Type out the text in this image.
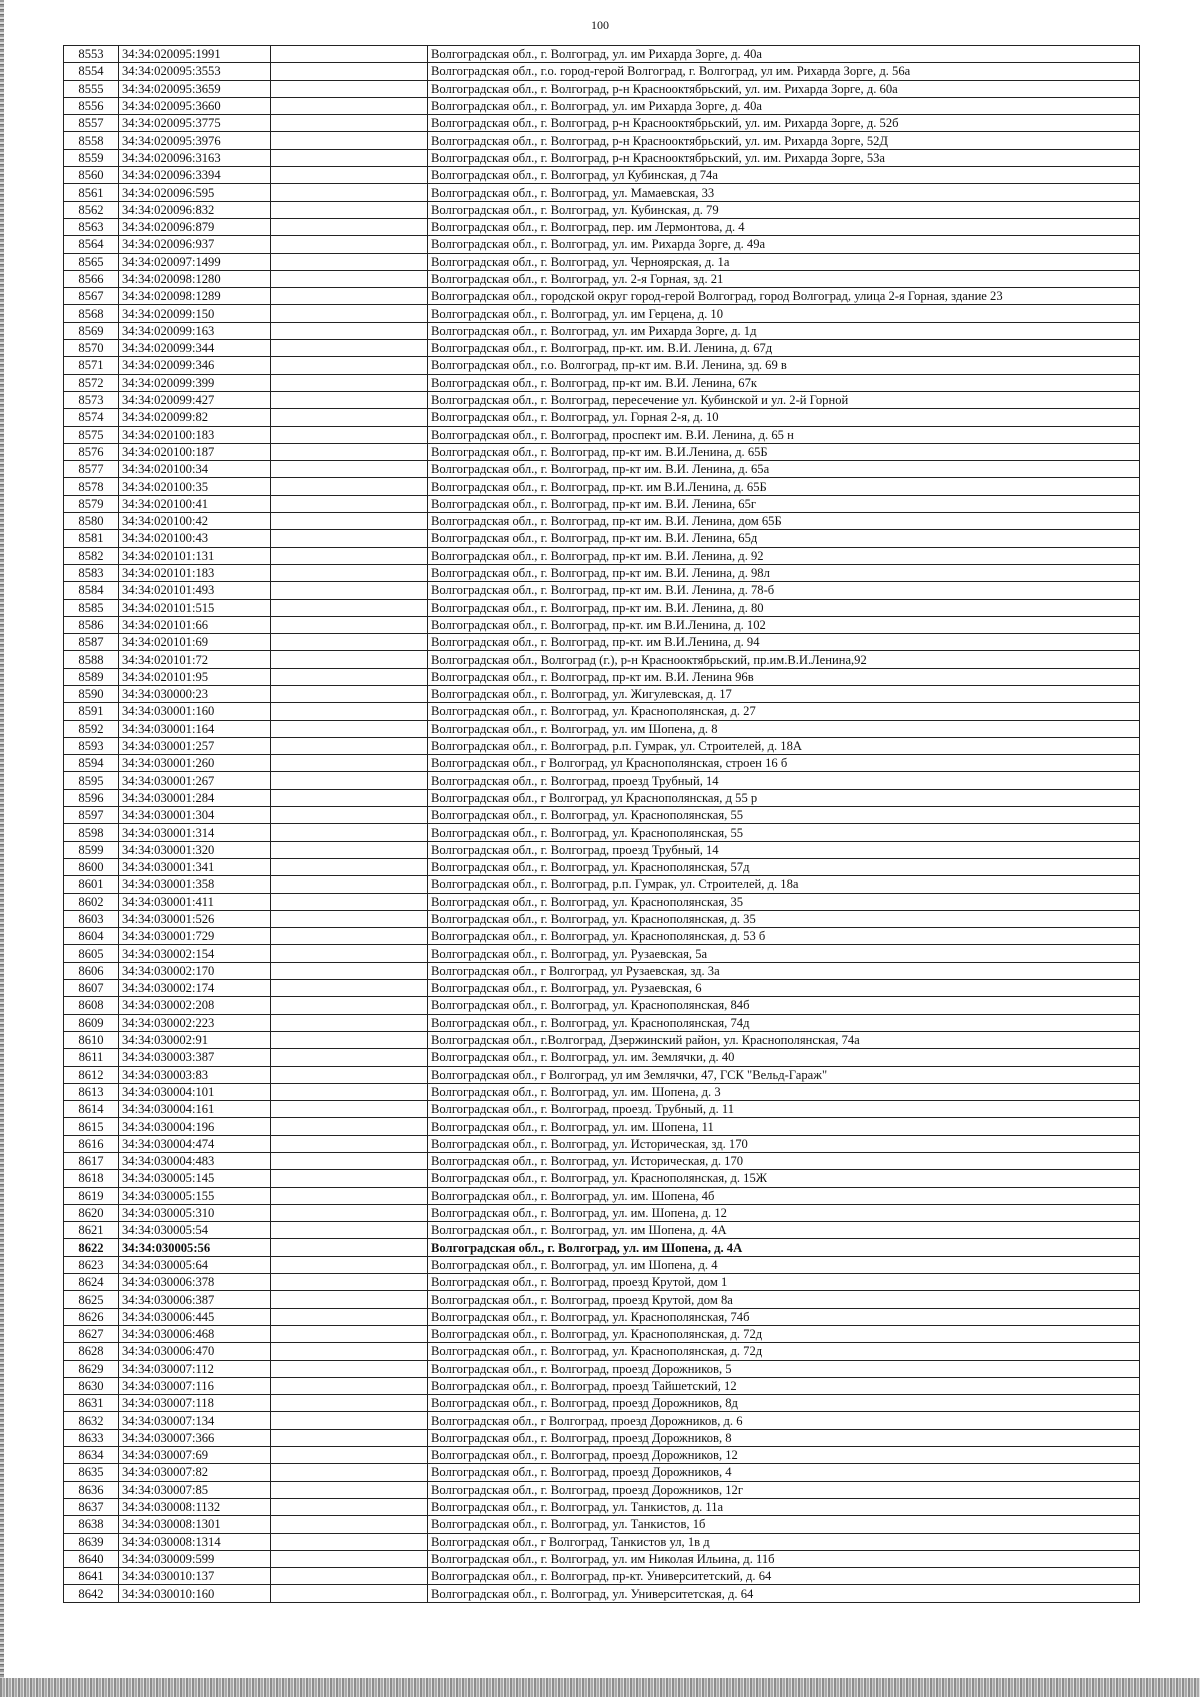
100
8553	34:34:020095:1991		Волгоградская обл., г. Волгоград, ул. им Рихарда Зорге, д. 40а
8554	34:34:020095:3553		Волгоградская обл., г.о. город-герой Волгоград, г. Волгоград, ул им. Рихарда Зорге, д. 56а
8555	34:34:020095:3659		Волгоградская обл., г. Волгоград, р-н Краснооктябрьский, ул. им. Рихарда Зорге, д. 60а
8556	34:34:020095:3660		Волгоградская обл., г. Волгоград, ул. им Рихарда Зорге, д. 40а
8557	34:34:020095:3775		Волгоградская обл., г. Волгоград, р-н Краснооктябрьский, ул. им. Рихарда Зорге, д. 52б
8558	34:34:020095:3976		Волгоградская обл., г. Волгоград, р-н Краснооктябрьский, ул. им. Рихарда Зорге, 52Д
8559	34:34:020096:3163		Волгоградская обл., г. Волгоград, р-н Краснооктябрьский, ул. им. Рихарда Зорге, 53а
8560	34:34:020096:3394		Волгоградская обл., г. Волгоград, ул Кубинская, д 74а
8561	34:34:020096:595		Волгоградская обл., г. Волгоград, ул. Мамаевская, 33
8562	34:34:020096:832		Волгоградская обл., г. Волгоград, ул. Кубинская, д. 79
8563	34:34:020096:879		Волгоградская обл., г. Волгоград, пер. им Лермонтова, д. 4
8564	34:34:020096:937		Волгоградская обл., г. Волгоград, ул. им. Рихарда Зорге, д. 49а
8565	34:34:020097:1499		Волгоградская обл., г. Волгоград, ул. Черноярская, д. 1а
8566	34:34:020098:1280		Волгоградская обл., г. Волгоград, ул. 2-я Горная, зд. 21
8567	34:34:020098:1289		Волгоградская обл., городской округ город-герой Волгоград, город Волгоград, улица 2-я Горная, здание 23
8568	34:34:020099:150		Волгоградская обл., г. Волгоград, ул. им Герцена, д. 10
8569	34:34:020099:163		Волгоградская обл., г. Волгоград, ул. им Рихарда Зорге, д. 1д
8570	34:34:020099:344		Волгоградская обл., г. Волгоград, пр-кт. им. В.И. Ленина, д. 67д
8571	34:34:020099:346		Волгоградская обл., г.о. Волгоград, пр-кт им. В.И. Ленина, зд. 69 в
8572	34:34:020099:399		Волгоградская обл., г. Волгоград, пр-кт им. В.И. Ленина, 67к
8573	34:34:020099:427		Волгоградская обл., г. Волгоград, пересечение ул. Кубинской и ул. 2-й Горной
8574	34:34:020099:82		Волгоградская обл., г. Волгоград, ул. Горная 2-я, д. 10
8575	34:34:020100:183		Волгоградская обл., г. Волгоград, проспект им. В.И. Ленина, д. 65 н
8576	34:34:020100:187		Волгоградская обл., г. Волгоград, пр-кт им. В.И.Ленина, д. 65Б
8577	34:34:020100:34		Волгоградская обл., г. Волгоград, пр-кт им. В.И. Ленина, д. 65а
8578	34:34:020100:35		Волгоградская обл., г. Волгоград, пр-кт. им В.И.Ленина, д. 65Б
8579	34:34:020100:41		Волгоградская обл., г. Волгоград, пр-кт им. В.И. Ленина, 65г
8580	34:34:020100:42		Волгоградская обл., г. Волгоград, пр-кт им. В.И. Ленина, дом 65Б
8581	34:34:020100:43		Волгоградская обл., г. Волгоград, пр-кт им. В.И. Ленина, 65д
8582	34:34:020101:131		Волгоградская обл., г. Волгоград, пр-кт им. В.И. Ленина, д. 92
8583	34:34:020101:183		Волгоградская обл., г. Волгоград, пр-кт им. В.И. Ленина, д. 98л
8584	34:34:020101:493		Волгоградская обл., г. Волгоград, пр-кт им. В.И. Ленина, д. 78-б
8585	34:34:020101:515		Волгоградская обл., г. Волгоград, пр-кт им. В.И. Ленина, д. 80
8586	34:34:020101:66		Волгоградская обл., г. Волгоград, пр-кт. им В.И.Ленина, д. 102
8587	34:34:020101:69		Волгоградская обл., г. Волгоград, пр-кт. им В.И.Ленина, д. 94
8588	34:34:020101:72		Волгоградская обл., Волгоград (г.), р-н Краснооктябрьский, пр.им.В.И.Ленина,92
8589	34:34:020101:95		Волгоградская обл., г. Волгоград, пр-кт им. В.И. Ленина 96в
8590	34:34:030000:23		Волгоградская обл., г. Волгоград, ул. Жигулевская, д. 17
8591	34:34:030001:160		Волгоградская обл., г. Волгоград, ул. Краснополянская, д. 27
8592	34:34:030001:164		Волгоградская обл., г. Волгоград, ул. им Шопена, д. 8
8593	34:34:030001:257		Волгоградская обл., г. Волгоград, р.п. Гумрак, ул. Строителей, д. 18А
8594	34:34:030001:260		Волгоградская обл., г Волгоград, ул Краснополянская, строен 16 б
8595	34:34:030001:267		Волгоградская обл., г. Волгоград, проезд Трубный, 14
8596	34:34:030001:284		Волгоградская обл., г Волгоград, ул Краснополянская, д 55 р
8597	34:34:030001:304		Волгоградская обл., г. Волгоград, ул. Краснополянская, 55
8598	34:34:030001:314		Волгоградская обл., г. Волгоград, ул. Краснополянская, 55
8599	34:34:030001:320		Волгоградская обл., г. Волгоград, проезд Трубный, 14
8600	34:34:030001:341		Волгоградская обл., г. Волгоград, ул. Краснополянская, 57д
8601	34:34:030001:358		Волгоградская обл., г. Волгоград, р.п. Гумрак, ул. Строителей, д. 18а
8602	34:34:030001:411		Волгоградская обл., г. Волгоград, ул. Краснополянская, 35
8603	34:34:030001:526		Волгоградская обл., г. Волгоград, ул. Краснополянская, д. 35
8604	34:34:030001:729		Волгоградская обл., г. Волгоград, ул. Краснополянская, д. 53 б
8605	34:34:030002:154		Волгоградская обл., г. Волгоград, ул. Рузаевская, 5а
8606	34:34:030002:170		Волгоградская обл., г Волгоград, ул Рузаевская, зд. 3а
8607	34:34:030002:174		Волгоградская обл., г. Волгоград, ул. Рузаевская, 6
8608	34:34:030002:208		Волгоградская обл., г. Волгоград, ул. Краснополянская, 84б
8609	34:34:030002:223		Волгоградская обл., г. Волгоград, ул. Краснополянская, 74д
8610	34:34:030002:91		Волгоградская обл., г.Волгоград, Дзержинский район, ул. Краснополянская, 74а
8611	34:34:030003:387		Волгоградская обл., г. Волгоград, ул. им. Землячки, д. 40
8612	34:34:030003:83		Волгоградская обл., г Волгоград, ул им Землячки, 47, ГСК "Вельд-Гараж"
8613	34:34:030004:101		Волгоградская обл., г. Волгоград, ул. им. Шопена, д. 3
8614	34:34:030004:161		Волгоградская обл., г. Волгоград, проезд. Трубный, д. 11
8615	34:34:030004:196		Волгоградская обл., г. Волгоград, ул. им. Шопена, 11
8616	34:34:030004:474		Волгоградская обл., г. Волгоград, ул. Историческая, зд. 170
8617	34:34:030004:483		Волгоградская обл., г. Волгоград, ул. Историческая, д. 170
8618	34:34:030005:145		Волгоградская обл., г. Волгоград, ул. Краснополянская, д. 15Ж
8619	34:34:030005:155		Волгоградская обл., г. Волгоград, ул. им. Шопена, 4б
8620	34:34:030005:310		Волгоградская обл., г. Волгоград, ул. им. Шопена, д. 12
8621	34:34:030005:54		Волгоградская обл., г. Волгоград, ул. им Шопена, д. 4А
8622	34:34:030005:56		Волгоградская обл., г. Волгоград, ул. им Шопена, д. 4А
8623	34:34:030005:64		Волгоградская обл., г. Волгоград, ул. им Шопена, д. 4
8624	34:34:030006:378		Волгоградская обл., г. Волгоград, проезд Крутой, дом 1
8625	34:34:030006:387		Волгоградская обл., г. Волгоград, проезд Крутой, дом 8а
8626	34:34:030006:445		Волгоградская обл., г. Волгоград, ул. Краснополянская, 74б
8627	34:34:030006:468		Волгоградская обл., г. Волгоград, ул. Краснополянская, д. 72д
8628	34:34:030006:470		Волгоградская обл., г. Волгоград, ул. Краснополянская, д. 72д
8629	34:34:030007:112		Волгоградская обл., г. Волгоград, проезд Дорожников, 5
8630	34:34:030007:116		Волгоградская обл., г. Волгоград, проезд Тайшетский, 12
8631	34:34:030007:118		Волгоградская обл., г. Волгоград, проезд Дорожников, 8д
8632	34:34:030007:134		Волгоградская обл., г Волгоград, проезд Дорожников, д. 6
8633	34:34:030007:366		Волгоградская обл., г. Волгоград, проезд Дорожников, 8
8634	34:34:030007:69		Волгоградская обл., г. Волгоград, проезд Дорожников, 12
8635	34:34:030007:82		Волгоградская обл., г. Волгоград, проезд Дорожников, 4
8636	34:34:030007:85		Волгоградская обл., г. Волгоград, проезд Дорожников, 12г
8637	34:34:030008:1132		Волгоградская обл., г. Волгоград, ул. Танкистов, д. 11а
8638	34:34:030008:1301		Волгоградская обл., г. Волгоград, ул. Танкистов, 1б
8639	34:34:030008:1314		Волгоградская обл., г Волгоград, Танкистов ул, 1в д
8640	34:34:030009:599		Волгоградская обл., г. Волгоград, ул. им Николая Ильина, д. 11б
8641	34:34:030010:137		Волгоградская обл., г. Волгоград, пр-кт. Университетский, д. 64
8642	34:34:030010:160		Волгоградская обл., г. Волгоград, ул. Университетская, д. 64
